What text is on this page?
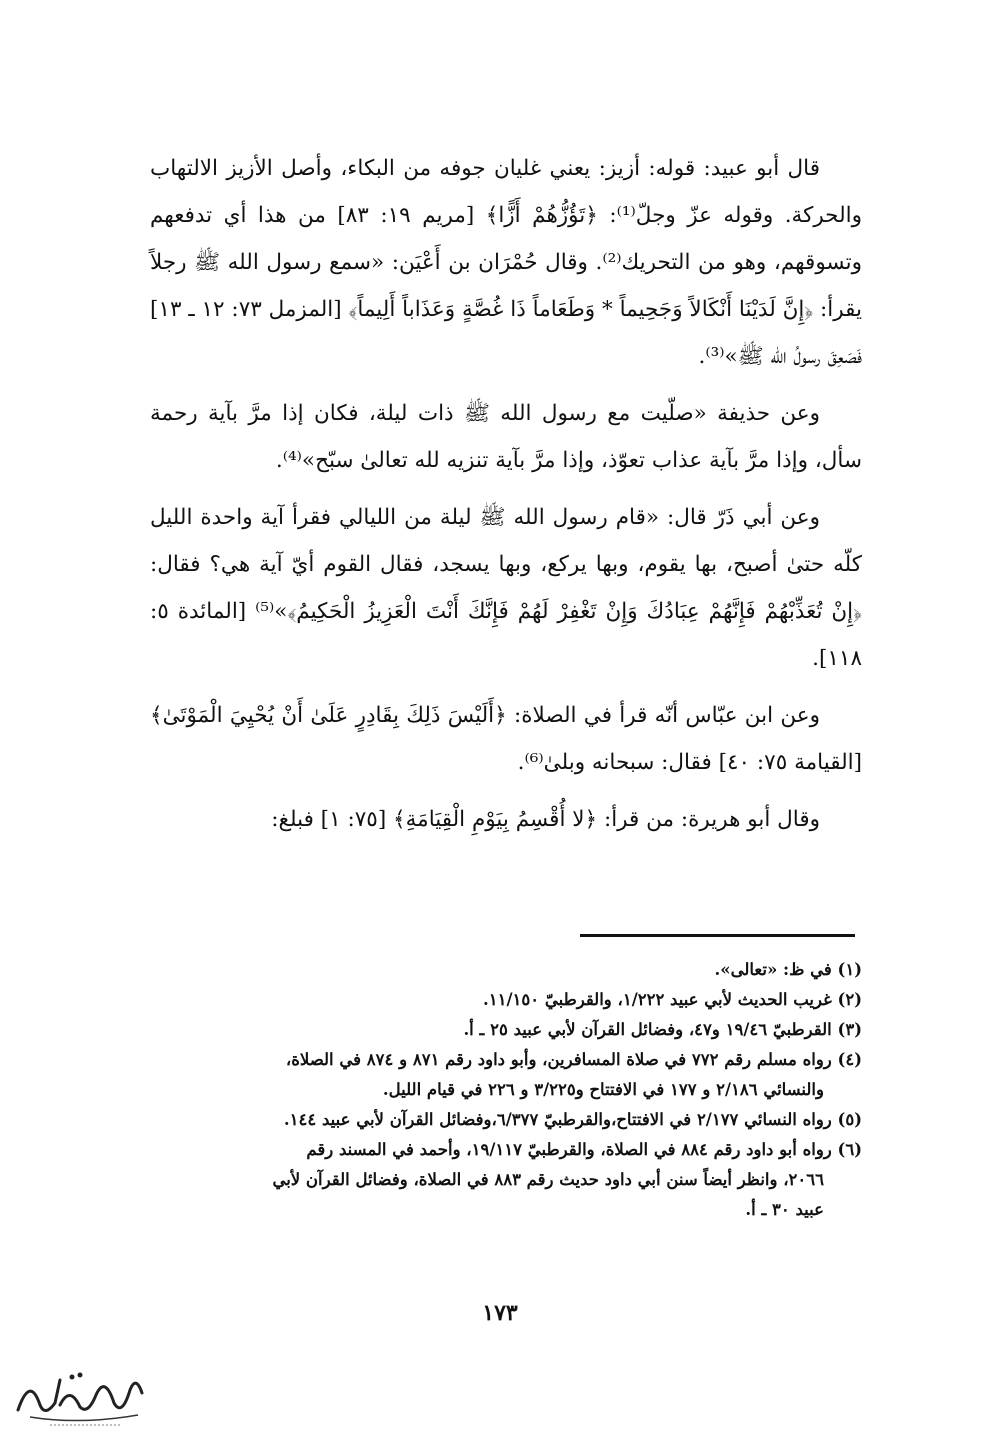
قال أبو عبيد: قوله: أزيز: يعني غليان جوفه من البكاء، وأصل الأزيز الالتهاب والحركة. وقوله عزّ وجلّ⁽¹⁾: ﴿تَؤُزُّهُمْ أَزًّا﴾ [مريم ١٩: ٨٣] من هذا أي تدفعهم وتسوقهم، وهو من التحريك⁽²⁾. وقال حُمْرَان بن أَعْيَن: «سمع رسول الله ﷺ رجلاً يقرأ: ﴿إِنَّ لَدَيْنَا أَنْكَالاً وَجَحِيماً * وَطَعَاماً ذَا غُصَّةٍ وَعَذَاباً أَلِيماً﴾ [المزمل ٧٣: ١٢ ـ ١٣] فَصَعِقَ رسولُ الله ﷺ»⁽³⁾.

وعن حذيفة «صلّيت مع رسول الله ﷺ ذات ليلة، فكان إذا مرَّ بآية رحمة سأل، وإذا مرَّ بآية عذاب تعوّذ، وإذا مرَّ بآية تنزيه لله تعالىٰ سبّح»⁽⁴⁾.

وعن أبي ذَرّ قال: «قام رسول الله ﷺ ليلة من الليالي فقرأ آية واحدة الليل كلّه حتىٰ أصبح، بها يقوم، وبها يركع، وبها يسجد، فقال القوم أيّ آية هي؟ فقال: ﴿إِنْ تُعَذِّبْهُمْ فَإِنَّهُمْ عِبَادُكَ وَإِنْ تَغْفِرْ لَهُمْ فَإِنَّكَ أَنْتَ الْعَزِيزُ الْحَكِيمُ﴾»⁽⁵⁾ [المائدة ٥: ١١٨].

وعن ابن عبّاس أنّه قرأ في الصلاة: ﴿أَلَيْسَ ذَلِكَ بِقَادِرٍ عَلَىٰ أَنْ يُحْيِيَ الْمَوْتَىٰ﴾ [القيامة ٧٥: ٤٠] فقال: سبحانه وبلىٰ⁽⁶⁾.

وقال أبو هريرة: من قرأ: ﴿لا أُقْسِمُ بِيَوْمِ الْقِيَامَةِ﴾ [٧٥: ١] فبلغ:

(١) في ظ: «تعالى».

(٢) غريب الحديث لأبي عبيد ١/٢٢٢، والقرطبيّ ١١/١٥٠.

(٣) القرطبيّ ١٩/٤٦ و٤٧، وفضائل القرآن لأبي عبيد ٢٥ ـ أ.

(٤) رواه مسلم رقم ٧٧٢ في صلاة المسافرين، وأبو داود رقم ٨٧١ و ٨٧٤ في الصلاة،

والنسائي ٢/١٨٦ و ١٧٧ في الافتتاح و٣/٢٢٥ و ٢٢٦ في قيام الليل.

(٥) رواه النسائي ٢/١٧٧ في الافتتاح،والقرطبيّ ٦/٣٧٧،وفضائل القرآن لأبي عبيد ١٤٤.

(٦) رواه أبو داود رقم ٨٨٤ في الصلاة، والقرطبيّ ١٩/١١٧، وأحمد في المسند رقم

٢٠٦٦، وانظر أيضاً سنن أبي داود حديث رقم ٨٨٣ في الصلاة، وفضائل القرآن لأبي

عبيد ٣٠ ـ أ.

١٧٣
